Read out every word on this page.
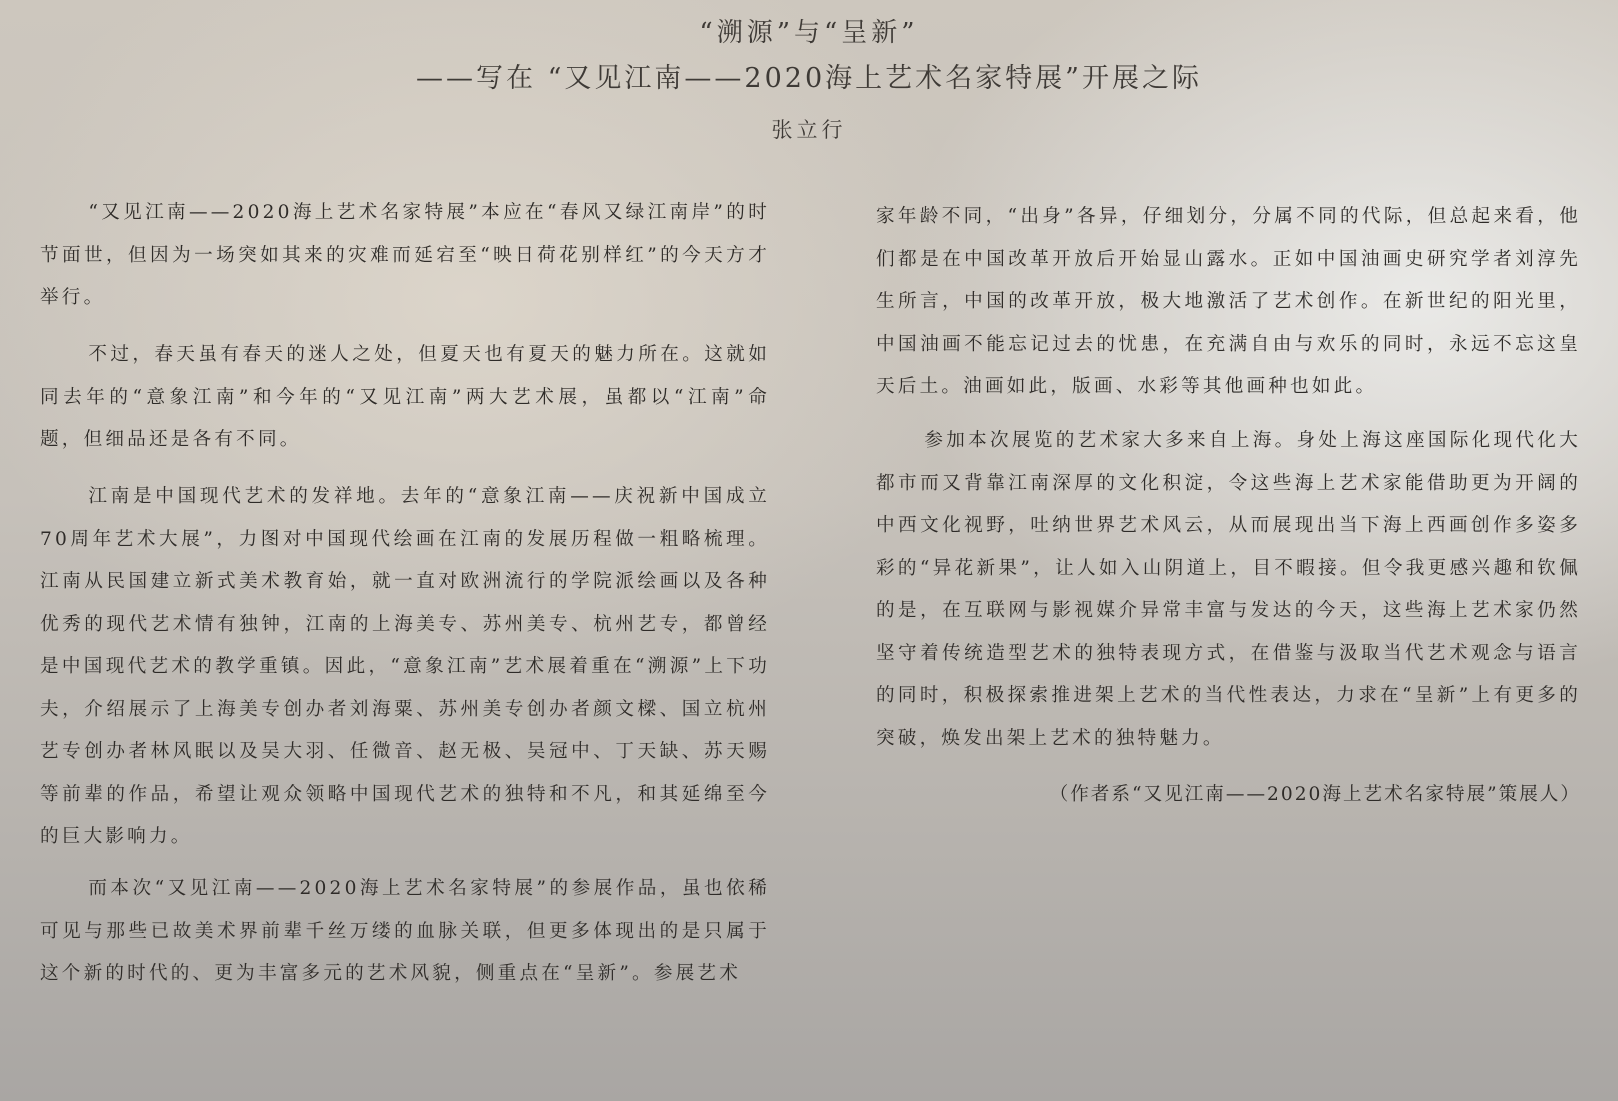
“溯源”与“呈新”
——写在 “又见江南——2020海上艺术名家特展”开展之际
张立行

“又见江南——2020海上艺术名家特展”本应在“春风又绿江南岸”的时节面世，但因为一场突如其来的灾难而延宕至“映日荷花别样红”的今天方才举行。

不过，春天虽有春天的迷人之处，但夏天也有夏天的魅力所在。这就如同去年的“意象江南”和今年的“又见江南”两大艺术展，虽都以“江南”命题，但细品还是各有不同。

江南是中国现代艺术的发祥地。去年的“意象江南——庆祝新中国成立70周年艺术大展”，力图对中国现代绘画在江南的发展历程做一粗略梳理。江南从民国建立新式美术教育始，就一直对欧洲流行的学院派绘画以及各种优秀的现代艺术情有独钟，江南的上海美专、苏州美专、杭州艺专，都曾经是中国现代艺术的教学重镇。因此，“意象江南”艺术展着重在“溯源”上下功夫，介绍展示了上海美专创办者刘海粟、苏州美专创办者颜文樑、国立杭州艺专创办者林风眠以及吴大羽、任微音、赵无极、吴冠中、丁天缺、苏天赐等前辈的作品，希望让观众领略中国现代艺术的独特和不凡，和其延绵至今的巨大影响力。

而本次“又见江南——2020海上艺术名家特展”的参展作品，虽也依稀可见与那些已故美术界前辈千丝万缕的血脉关联，但更多体现出的是只属于这个新的时代的、更为丰富多元的艺术风貌，侧重点在“呈新”。参展艺术

家年龄不同，“出身”各异，仔细划分，分属不同的代际，但总起来看，他们都是在中国改革开放后开始显山露水。正如中国油画史研究学者刘淳先生所言，中国的改革开放，极大地激活了艺术创作。在新世纪的阳光里，中国油画不能忘记过去的忧患，在充满自由与欢乐的同时，永远不忘这皇天后土。油画如此，版画、水彩等其他画种也如此。

参加本次展览的艺术家大多来自上海。身处上海这座国际化现代化大都市而又背靠江南深厚的文化积淀，令这些海上艺术家能借助更为开阔的中西文化视野，吐纳世界艺术风云，从而展现出当下海上西画创作多姿多彩的“异花新果”，让人如入山阴道上，目不暇接。但令我更感兴趣和钦佩的是，在互联网与影视媒介异常丰富与发达的今天，这些海上艺术家仍然坚守着传统造型艺术的独特表现方式，在借鉴与汲取当代艺术观念与语言的同时，积极探索推进架上艺术的当代性表达，力求在“呈新”上有更多的突破，焕发出架上艺术的独特魅力。

（作者系“又见江南——2020海上艺术名家特展”策展人）
